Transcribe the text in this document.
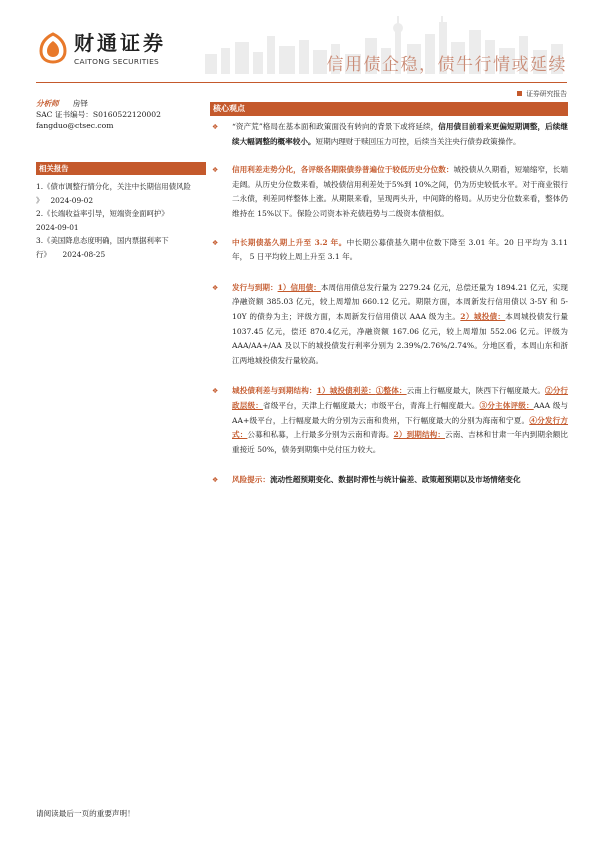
财通证券
CAITONG SECURITIES	信用债企稳，债牛行情或延续
证券研究报告
分析师 房铎
SAC 证书编号：S0160522120002
fangduo@ctsec.com
相关报告
1.《债市调整行情分化，关注中长期信用债风险 》 2024-09-02
2.《长端收益率引导，短端资金面呵护》
2024-09-01
3.《美国降息态度明确，国内票据利率下行》 2024-08-25
核心观点
❖ “资产荒”格局在基本面和政策面没有转向的背景下或将延续，信用债目前看来更偏短期调整，后续继续大幅调整的概率较小。短期内理财于赎回压力可控，后续当关注央行债券政策操作。
❖ 信用利差走势分化，各评级各期限债券普遍位于较低历史分位数：城投债从久期看，短端缩窄，长端走阔。从历史分位数来看，城投债信用利差处于5%到 10%之间，仍为历史较低水平。对于商业银行二永债，利差同样整体上涨。从期限来看，呈现两头升，中间降的格局。从历史分位数来看，整体仍维持在 15%以下。保险公司资本补充债趋势与二级资本债相似。
❖ 中长期债基久期上升至 3.2 年。中长期公募债基久期中位数下降至 3.01 年。20 日平均为 3.11 年， 5 日平均较上周上升至 3.1 年。
❖ 发行与到期：1）信用债：本周信用债总发行量为 2279.24 亿元，总偿还量为 1894.21 亿元，实现净融资额 385.03 亿元，较上周增加 660.12 亿元。期限方面，本周新发行信用债以 3-5Y 和 5-10Y 的债券为主；评级方面，本周新发行信用债以 AAA 级为主。2）城投债：本周城投债发行量 1037.45 亿元，偿还 870.4亿元，净融资额 167.06 亿元，较上周增加 552.06 亿元。评级为 AAA/AA+/AA 及以下的城投债发行利率分别为 2.39%/2.76%/2.74%。分地区看，本周山东和浙江两地城投债发行量较高。
❖ 城投债利差与到期结构：1）城投债利差：①整体：云南上行幅度最大，陕西下行幅度最大。②分行政层级：省级平台，天津上行幅度最大；市级平台，青海上行幅度最大。③分主体评级：AAA 级与 AA+级平台，上行幅度最大的分别为云南和贵州，下行幅度最大的分别为海南和宁夏。④分发行方式：公募和私募，上行最多分别为云南和青海。2）到期结构：云南、吉林和甘肃一年内到期余额比重接近 50%，债务到期集中兑付压力较大。
❖ 风险提示：流动性超预期变化、数据时滞性与统计偏差、政策超预期以及市场情绪变化
请阅读最后一页的重要声明！
